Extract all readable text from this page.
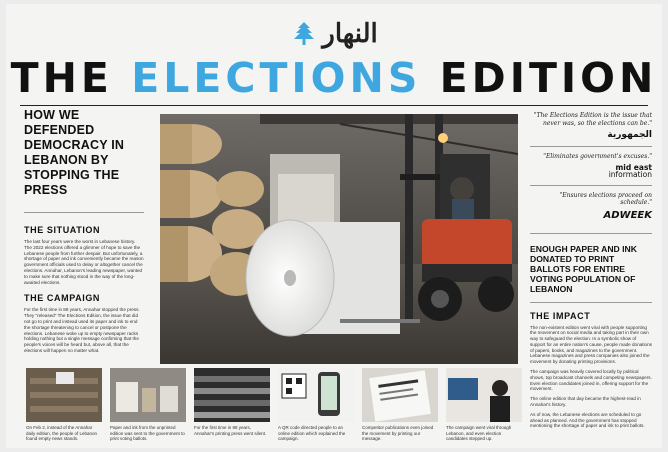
النهار
THE ELECTIONS EDITION
HOW WE DEFENDED DEMOCRACY IN LEBANON BY STOPPING THE PRESS
THE SITUATION
The last four years were the worst in Lebanese history. The 2022 elections offered a glimmer of hope to save the Lebanese people from further despair. But unfortunately, a shortage of paper and ink conveniently became the reason government officials used to delay or altogether cancel the elections. Annahar, Lebanon's leading newspaper, wanted to make sure that nothing stood in the way of the long-awaited elections.
THE CAMPAIGN
For the first time in 88 years, Annahar stopped the press. They "released" The Elections Edition, the issue that did not go to print and instead used its paper and ink to end the shortage threatening to cancel or postpone the elections. Lebanese woke up to empty newspaper racks holding nothing but a single message confirming that the people's voices will be heard but, above all, that the elections will happen no matter what.
"The Elections Edition is the issue that never was, so the elections can be."
الجمهورية
"Eliminates government's excuses."
mid east
information
"Ensures elections proceed on schedule."
ADWEEK
ENOUGH PAPER AND INK DONATED TO PRINT BALLOTS FOR ENTIRE VOTING POPULATION OF LEBANON
THE IMPACT
The non-existent edition went viral with people supporting the movement on social media and taking part in their own way to safeguard the election. In a symbolic show of support for an entire nation's cause, people made donations of papers, books, and magazines to the government. Lebanese magazines and press companies also joined the movement by donating printing provisions.
The campaign was heavily covered locally by political shows, top broadcast channels and competing newspapers. Even election candidates joined in, offering support for the movement.
The online edition that day became the highest-read in Annahar's history.
As of now, the Lebanese elections are scheduled to go ahead as planned. And the government has stopped mentioning the shortage of paper and ink to print ballots.
On Feb 2, instead of the Annahar daily edition, the people of Lebanon found empty news stands.
Paper and ink from the unprinted edition was sent to the government to print voting ballots.
For the first time in 88 years, Annahar's printing press went silent.
A QR code directed people to an online edition which explained the campaign.
Competitor publications even joined the movement by printing our message.
The campaign went viral through Lebanon, and even election candidates stepped up.
